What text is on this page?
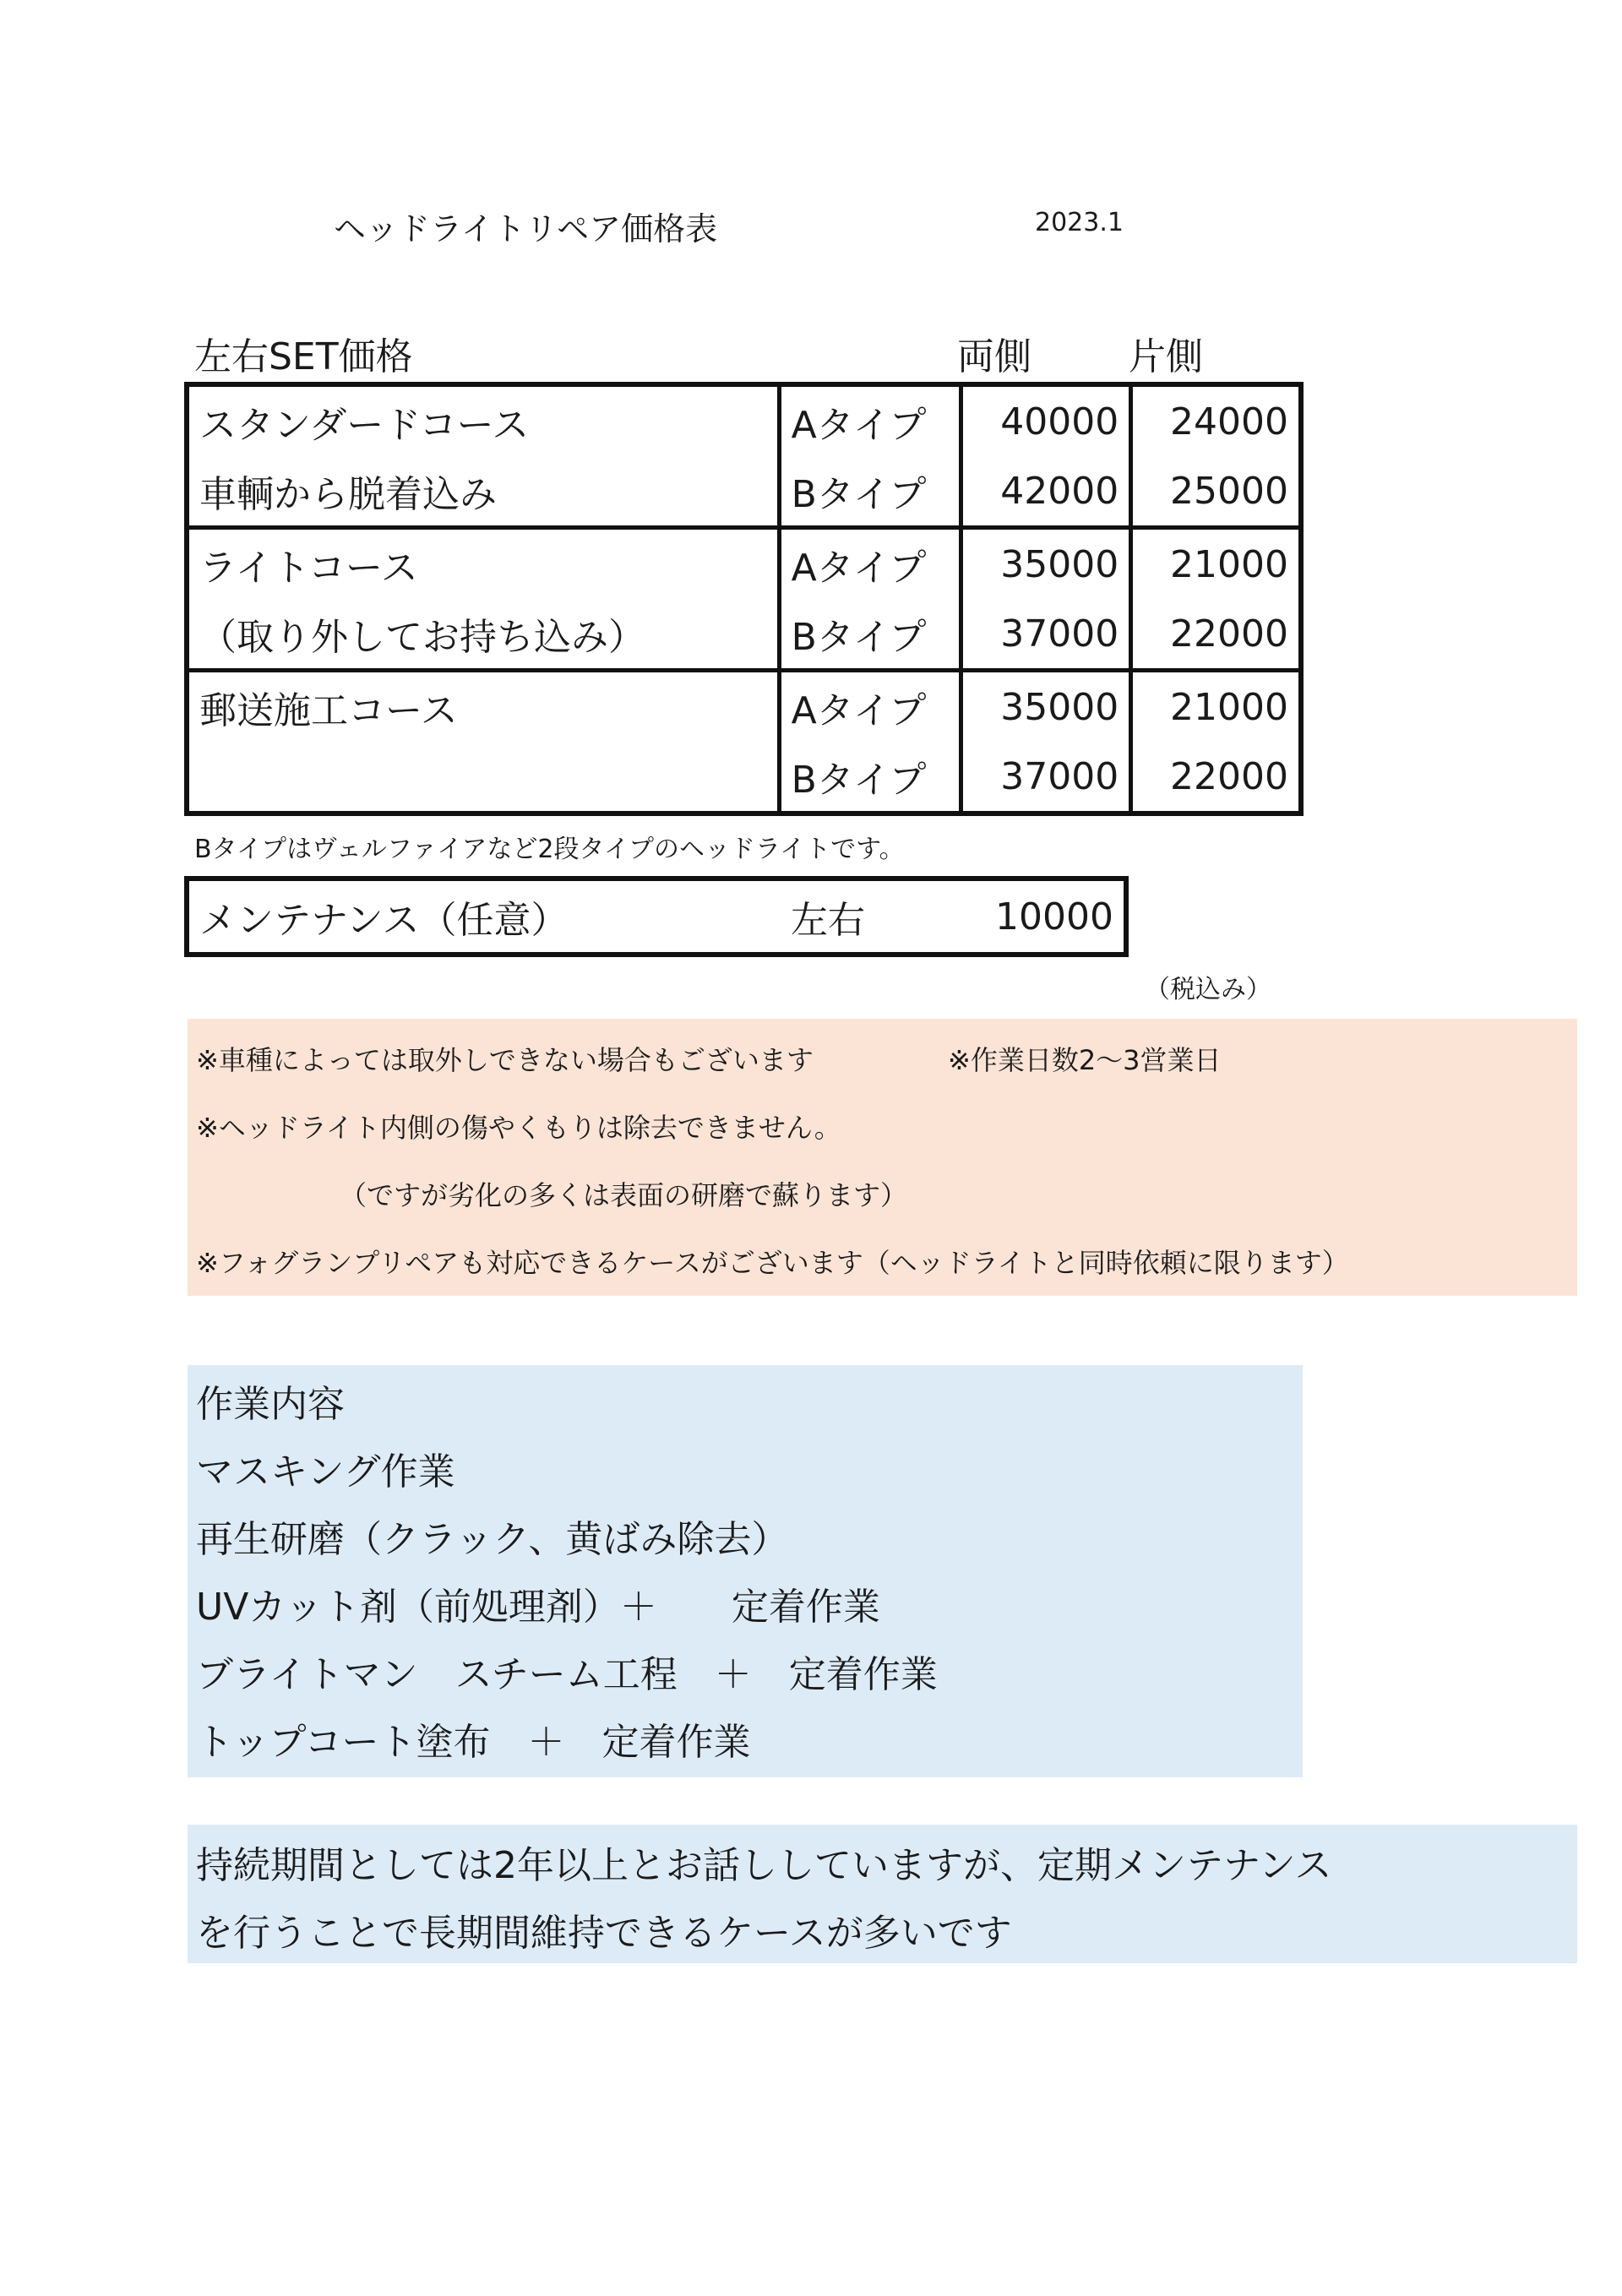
ヘッドライトリペア価格表	2023.1
左右SET価格	両側	片側
スタンダードコース	Aタイプ	40000	24000
車輌から脱着込み	Bタイプ	42000	25000
ライトコース	Aタイプ	35000	21000
（取り外してお持ち込み）	Bタイプ	37000	22000
郵送施工コース	Aタイプ	35000	21000
	Bタイプ	37000	22000
Bタイプはヴェルファイアなど2段タイプのヘッドライトです。
メンテナンス（任意）	左右	10000
（税込み）
※車種によっては取外しできない場合もございます	※作業日数2〜3営業日
※ヘッドライト内側の傷やくもりは除去できません。
（ですが劣化の多くは表面の研磨で蘇ります）
※フォグランプリペアも対応できるケースがございます（ヘッドライトと同時依頼に限ります）
作業内容
マスキング作業
再生研磨（クラック、黄ばみ除去）
UVカット剤（前処理剤）＋　　定着作業
ブライトマン　スチーム工程　＋　定着作業
トップコート塗布　＋　定着作業
持続期間としては2年以上とお話ししていますが、定期メンテナンス
を行うことで長期間維持できるケースが多いです
